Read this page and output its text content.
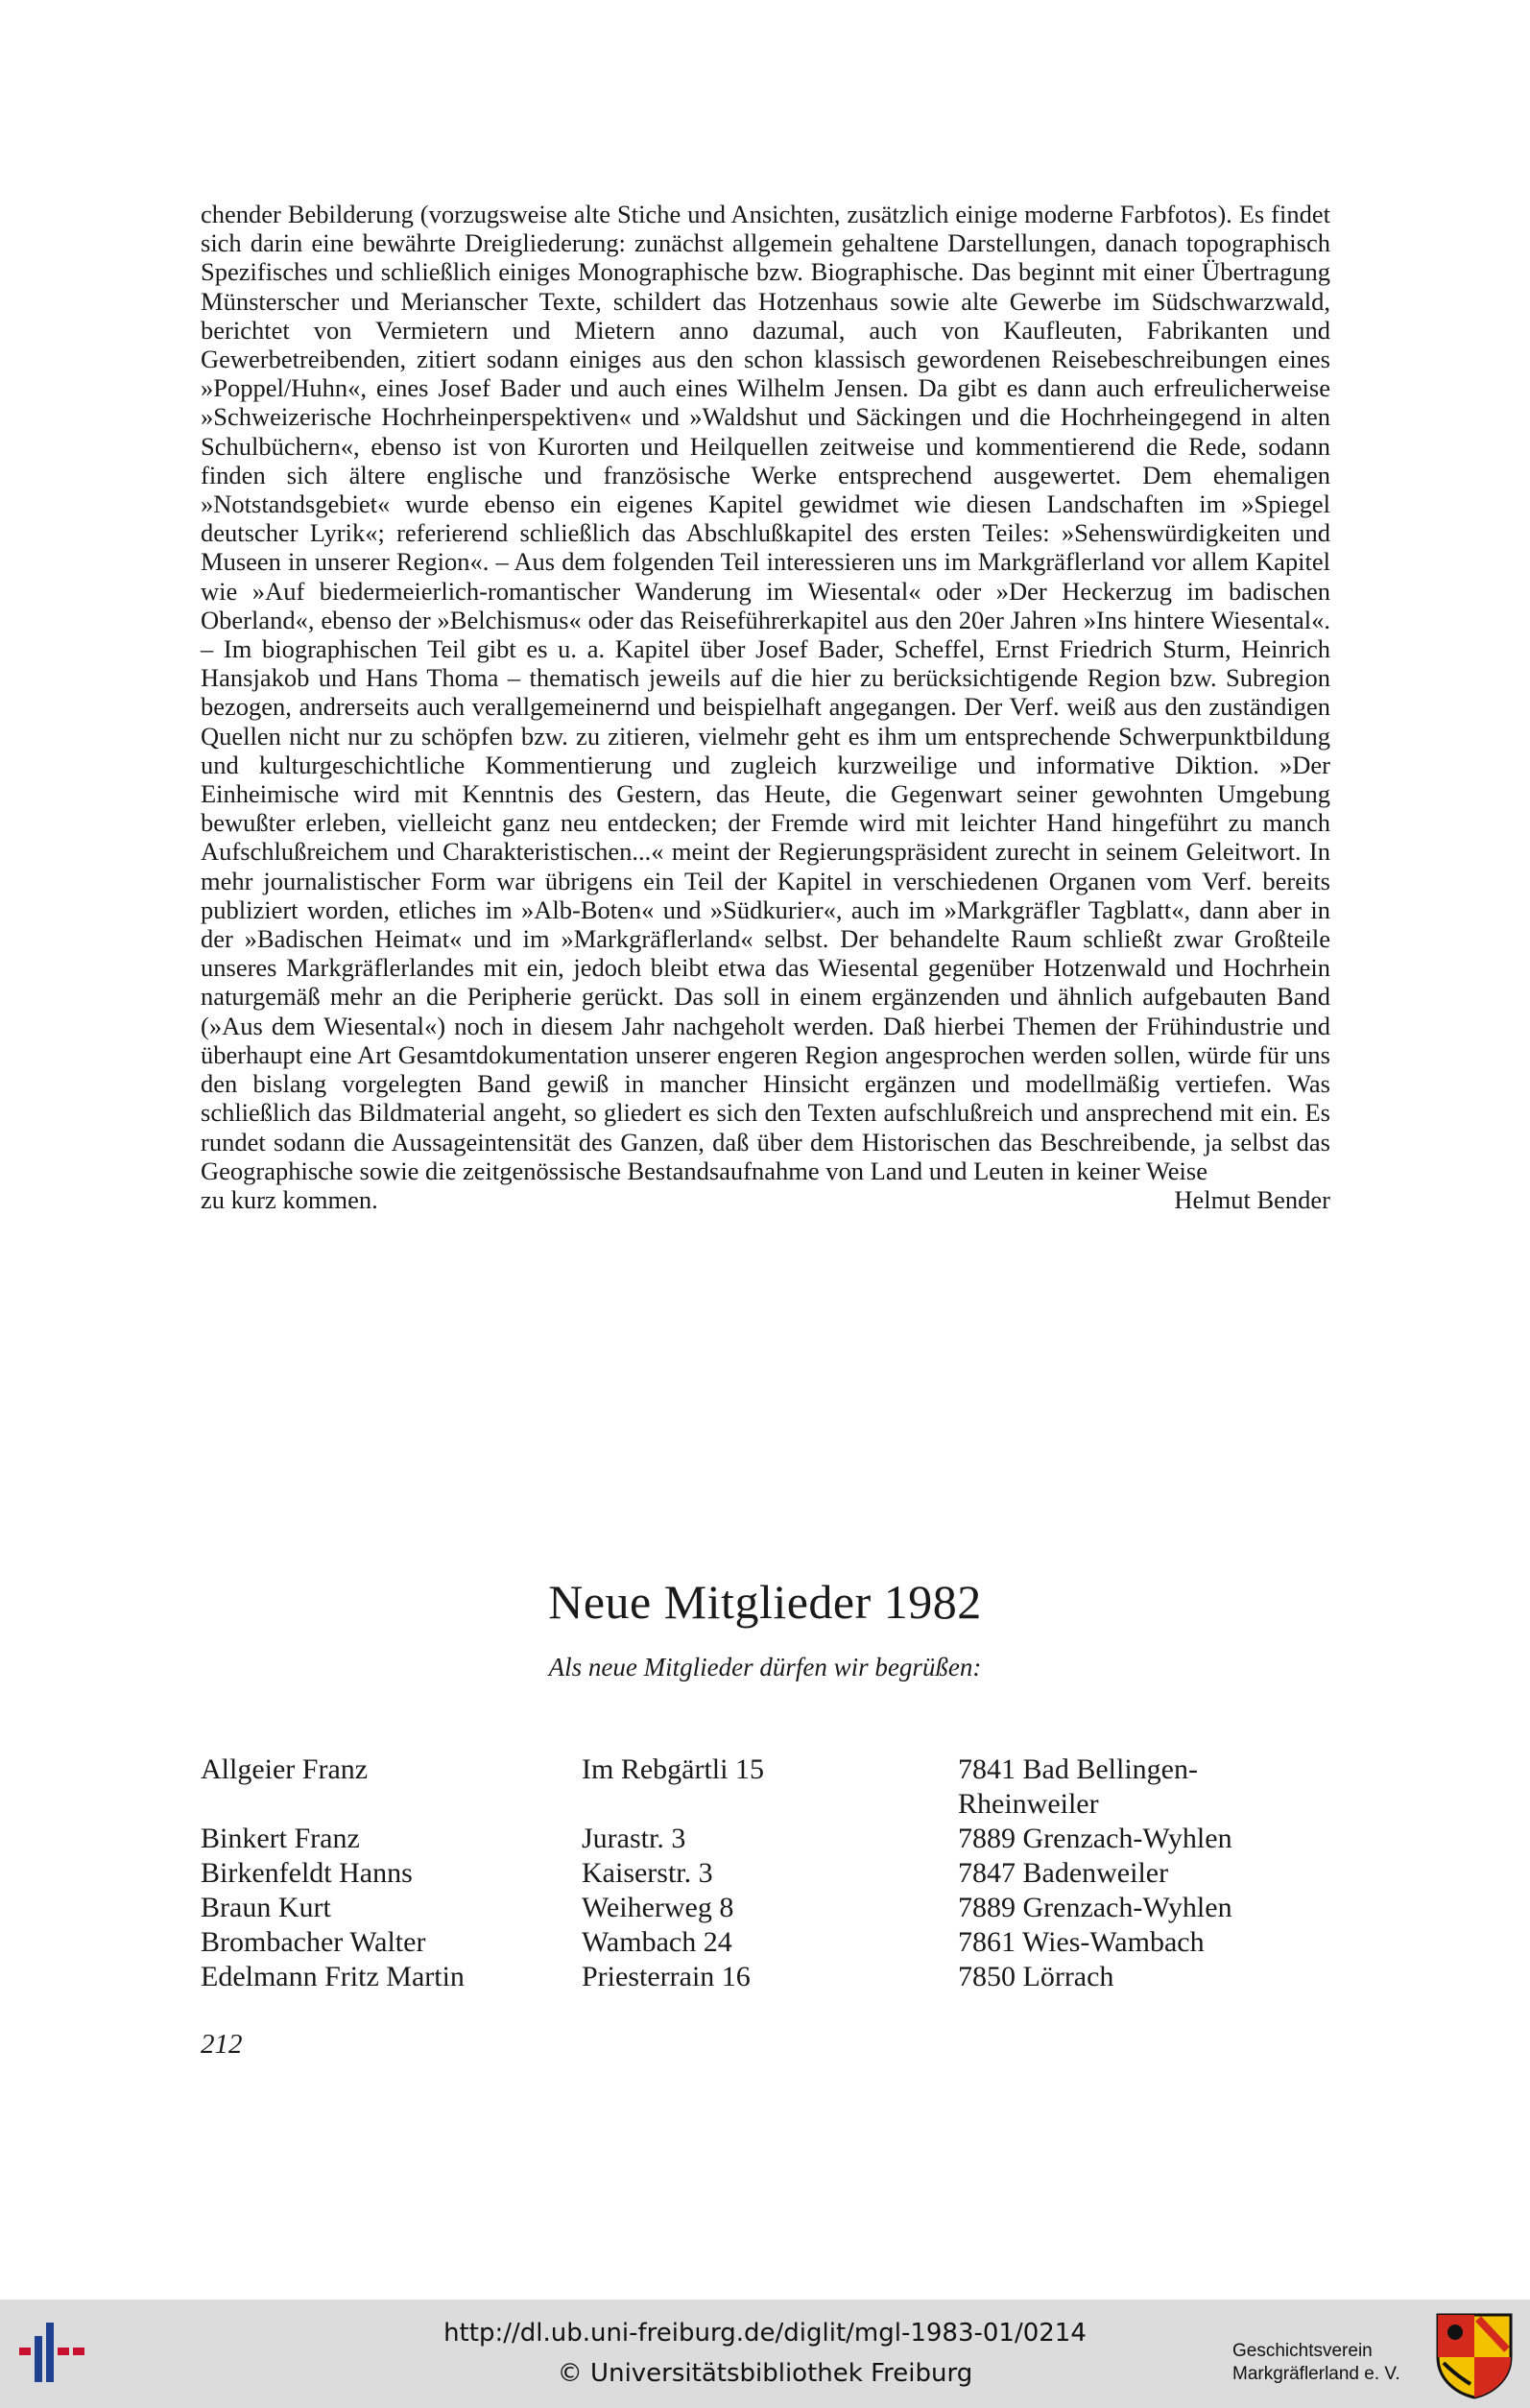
chender Bebilderung (vorzugsweise alte Stiche und Ansichten, zusätzlich einige moderne Farbfotos). Es findet sich darin eine bewährte Dreigliederung: zunächst allgemein gehaltene Darstellungen, danach topographisch Spezifisches und schließlich einiges Monographische bzw. Biographische. Das beginnt mit einer Übertragung Münsterscher und Merianscher Texte, schildert das Hotzenhaus sowie alte Gewerbe im Südschwarzwald, berichtet von Vermietern und Mietern anno dazumal, auch von Kaufleuten, Fabrikanten und Gewerbetreibenden, zitiert sodann einiges aus den schon klassisch gewordenen Reisebeschreibungen eines »Poppel/Huhn«, eines Josef Bader und auch eines Wilhelm Jensen. Da gibt es dann auch erfreulicherweise »Schweizerische Hochrheinperspektiven« und »Waldshut und Säckingen und die Hochrheingegend in alten Schulbüchern«, ebenso ist von Kurorten und Heilquellen zeitweise und kommentierend die Rede, sodann finden sich ältere englische und französische Werke entsprechend ausgewertet. Dem ehemaligen »Notstandsgebiet« wurde ebenso ein eigenes Kapitel gewidmet wie diesen Landschaften im »Spiegel deutscher Lyrik«; referierend schließlich das Abschlußkapitel des ersten Teiles: »Sehenswürdigkeiten und Museen in unserer Region«. – Aus dem folgenden Teil interessieren uns im Markgräflerland vor allem Kapitel wie »Auf biedermeierlich-romantischer Wanderung im Wiesental« oder »Der Heckerzug im badischen Oberland«, ebenso der »Belchismus« oder das Reiseführerkapitel aus den 20er Jahren »Ins hintere Wiesental«. – Im biographischen Teil gibt es u. a. Kapitel über Josef Bader, Scheffel, Ernst Friedrich Sturm, Heinrich Hansjakob und Hans Thoma – thematisch jeweils auf die hier zu berücksichtigende Region bzw. Subregion bezogen, andrerseits auch verallgemeinernd und beispielhaft angegangen. Der Verf. weiß aus den zuständigen Quellen nicht nur zu schöpfen bzw. zu zitieren, vielmehr geht es ihm um entsprechende Schwerpunktbildung und kulturgeschichtliche Kommentierung und zugleich kurzweilige und informative Diktion. »Der Einheimische wird mit Kenntnis des Gestern, das Heute, die Gegenwart seiner gewohnten Umgebung bewußter erleben, vielleicht ganz neu entdecken; der Fremde wird mit leichter Hand hingeführt zu manch Aufschlußreichem und Charakteristischen...« meint der Regierungspräsident zurecht in seinem Geleitwort. In mehr journalistischer Form war übrigens ein Teil der Kapitel in verschiedenen Organen vom Verf. bereits publiziert worden, etliches im »Alb-Boten« und »Südkurier«, auch im »Markgräfler Tagblatt«, dann aber in der »Badischen Heimat« und im »Markgräflerland« selbst. Der behandelte Raum schließt zwar Großteile unseres Markgräflerlandes mit ein, jedoch bleibt etwa das Wiesental gegenüber Hotzenwald und Hochrhein naturgemäß mehr an die Peripherie gerückt. Das soll in einem ergänzenden und ähnlich aufgebauten Band (»Aus dem Wiesental«) noch in diesem Jahr nachgeholt werden. Daß hierbei Themen der Frühindustrie und überhaupt eine Art Gesamtdokumentation unserer engeren Region angesprochen werden sollen, würde für uns den bislang vorgelegten Band gewiß in mancher Hinsicht ergänzen und modellmäßig vertiefen. Was schließlich das Bildmaterial angeht, so gliedert es sich den Texten aufschlußreich und ansprechend mit ein. Es rundet sodann die Aussageintensität des Ganzen, daß über dem Historischen das Beschreibende, ja selbst das Geographische sowie die zeitgenössische Bestandsaufnahme von Land und Leuten in keiner Weise

zu kurz kommen.	Helmut Bender
Neue Mitglieder 1982
Als neue Mitglieder dürfen wir begrüßen:
Allgeier Franz	Im Rebgärtli 15	7841 Bad Bellingen-
Rheinweiler
Binkert Franz	Jurastr. 3	7889 Grenzach-Wyhlen
Birkenfeldt Hanns	Kaiserstr. 3	7847 Badenweiler
Braun Kurt	Weiherweg 8	7889 Grenzach-Wyhlen
Brombacher Walter	Wambach 24	7861 Wies-Wambach
Edelmann Fritz Martin	Priesterrain 16	7850 Lörrach
212
http://dl.ub.uni-freiburg.de/diglit/mgl-1983-01/0214
© Universitätsbibliothek Freiburg
Geschichtsverein
Markgräflerland e. V.
